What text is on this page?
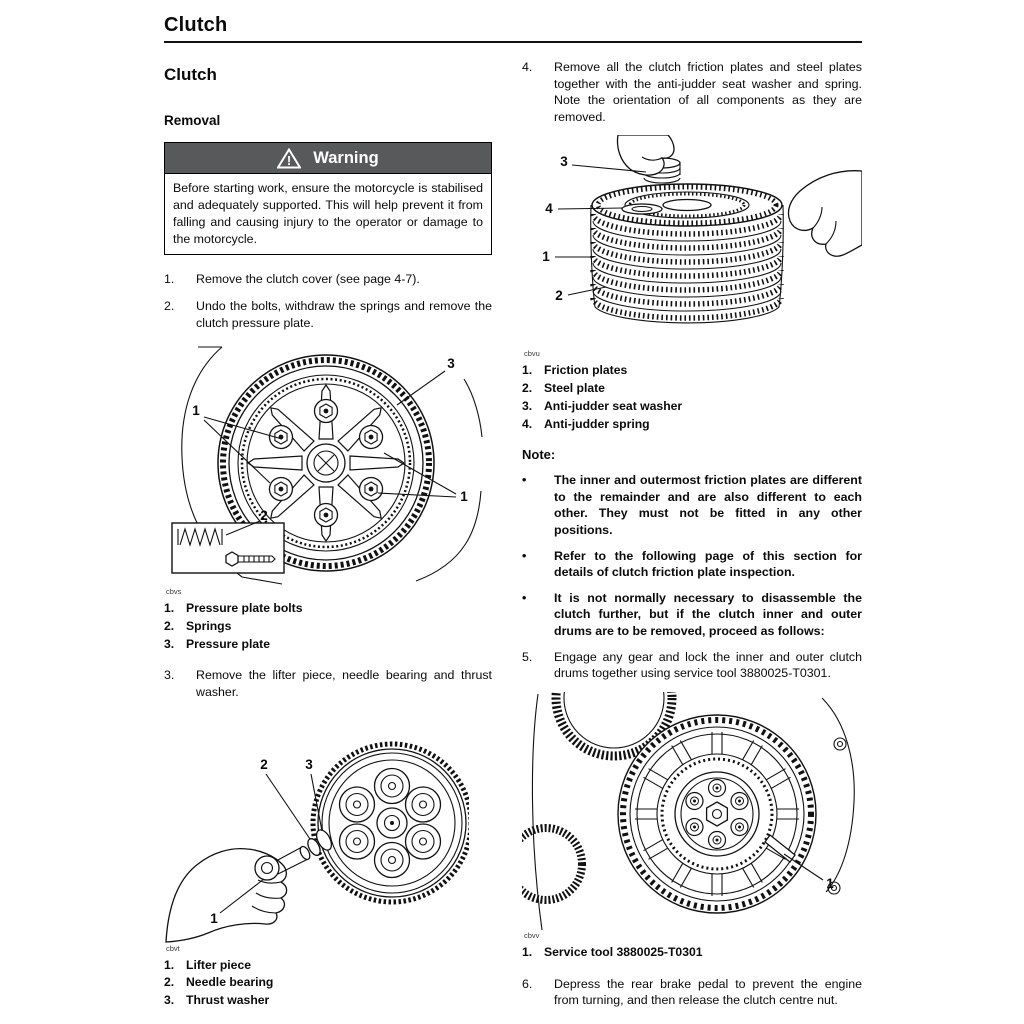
Clutch
Clutch
Removal
! Warning
Before starting work, ensure the motorcycle is stabilised and adequately supported. This will help prevent it from falling and causing injury to the operator or damage to the motorcycle.
1.	Remove the clutch cover (see page 4-7).
2.	Undo the bolts, withdraw the springs and remove the clutch pressure plate.
3
1
1
2
cbvs
1. Pressure plate bolts
2. Springs
3. Pressure plate
3.	Remove the lifter piece, needle bearing and thrust washer.
2	3
1
cbvt
1. Lifter piece
2. Needle bearing
3. Thrust washer
4.	Remove all the clutch friction plates and steel plates together with the anti-judder seat washer and spring. Note the orientation of all components as they are removed.
3
4
1
2
cbvu
1. Friction plates
2. Steel plate
3. Anti-judder seat washer
4. Anti-judder spring
Note:
•	The inner and outermost friction plates are different to the remainder and are also different to each other. They must not be fitted in any other positions.
•	Refer to the following page of this section for details of clutch friction plate inspection.
•	It is not normally necessary to disassemble the clutch further, but if the clutch inner and outer drums are to be removed, proceed as follows:
5.	Engage any gear and lock the inner and outer clutch drums together using service tool 3880025-T0301.
1
cbvv
1. Service tool 3880025-T0301
6.	Depress the rear brake pedal to prevent the engine from turning, and then release the clutch centre nut.
